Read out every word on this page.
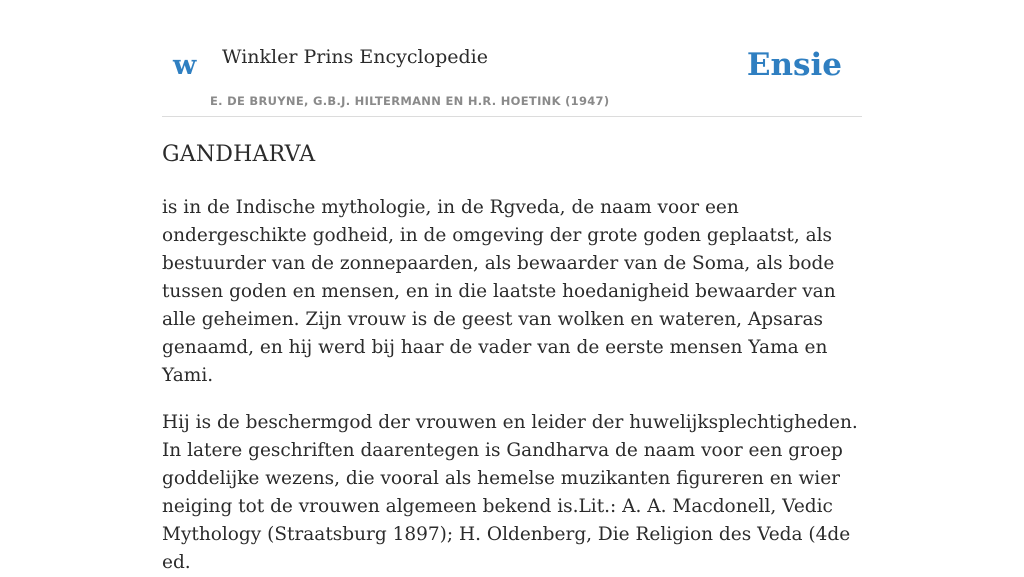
w Winkler Prins Encyclopedie
E. DE BRUYNE, G.B.J. HILTERMANN EN H.R. HOETINK (1947)
Ensie
GANDHARVA

is in de Indische mythologie, in de Rgveda, de naam voor een ondergeschikte godheid, in de omgeving der grote goden geplaatst, als bestuurder van de zonnepaarden, als bewaarder van de Soma, als bode tussen goden en mensen, en in die laatste hoedanigheid bewaarder van alle geheimen. Zijn vrouw is de geest van wolken en wateren, Apsaras genaamd, en hij werd bij haar de vader van de eerste mensen Yama en Yami.

Hij is de beschermgod der vrouwen en leider der huwelijksplechtigheden. In latere geschriften daarentegen is Gandharva de naam voor een groep goddelijke wezens, die vooral als hemelse muzikanten figureren en wier neiging tot de vrouwen algemeen bekend is.Lit.: A. A. Macdonell, Vedic Mythology (Straatsburg 1897); H. Oldenberg, Die Religion des Veda (4de ed.
